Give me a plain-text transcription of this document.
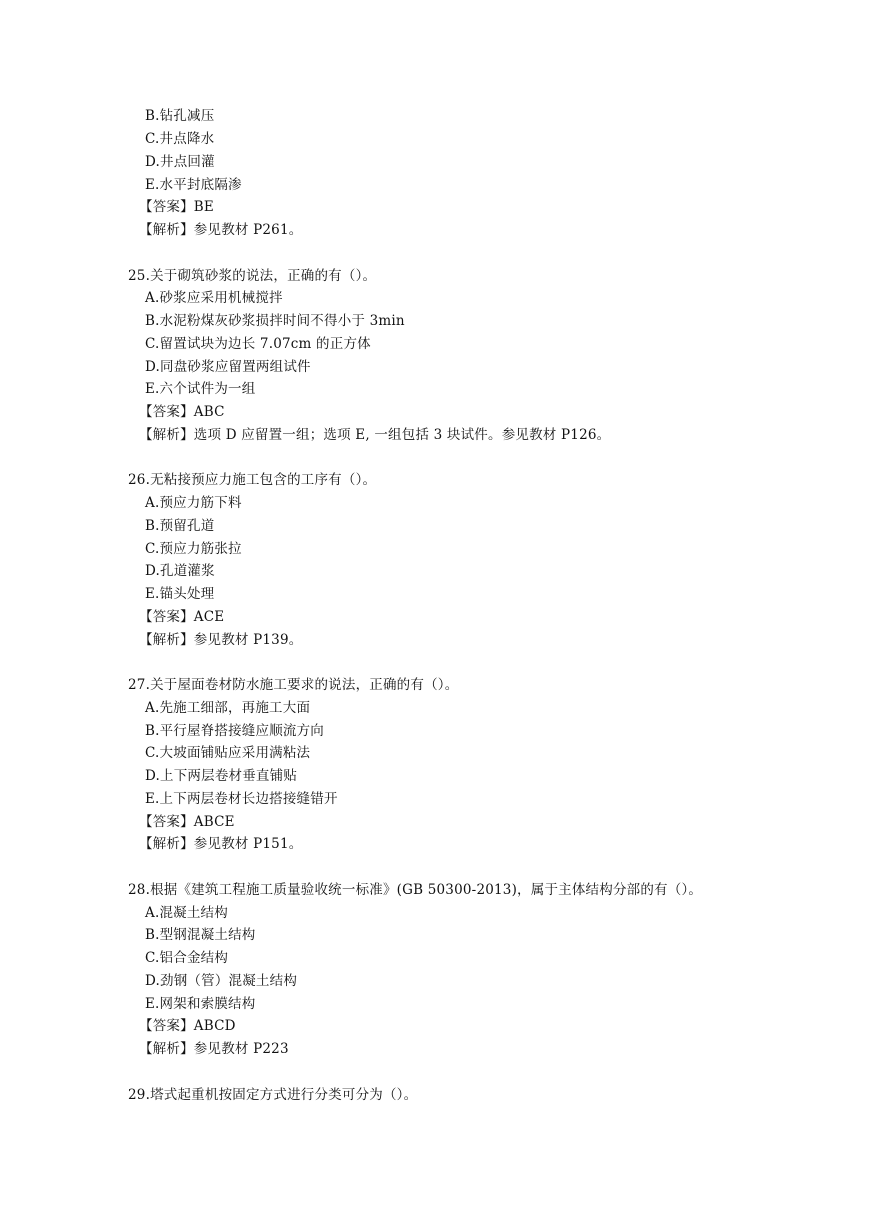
B.钻孔减压
C.井点降水
D.井点回灌
E.水平封底隔渗
【答案】BE
【解析】参见教材 P261。
25.关于砌筑砂浆的说法，正确的有（）。
A.砂浆应采用机械搅拌
B.水泥粉煤灰砂浆损拌时间不得小于 3min
C.留置试块为边长 7.07cm 的正方体
D.同盘砂浆应留置两组试件
E.六个试件为一组
【答案】ABC
【解析】选项 D 应留置一组；选项 E, 一组包括 3 块试件。参见教材 P126。
26.无粘接预应力施工包含的工序有（）。
A.预应力筋下料
B.预留孔道
C.预应力筋张拉
D.孔道灌浆
E.锚头处理
【答案】ACE
【解析】参见教材 P139。
27.关于屋面卷材防水施工要求的说法，正确的有（）。
A.先施工细部，再施工大面
B.平行屋脊搭接缝应顺流方向
C.大坡面铺贴应采用满粘法
D.上下两层卷材垂直铺贴
E.上下两层卷材长边搭接缝错开
【答案】ABCE
【解析】参见教材 P151。
28.根据《建筑工程施工质量验收统一标准》(GB 50300-2013)，属于主体结构分部的有（）。
A.混凝土结构
B.型钢混凝土结构
C.铝合金结构
D.劲钢（管）混凝土结构
E.网架和索膜结构
【答案】ABCD
【解析】参见教材 P223
29.塔式起重机按固定方式进行分类可分为（）。
